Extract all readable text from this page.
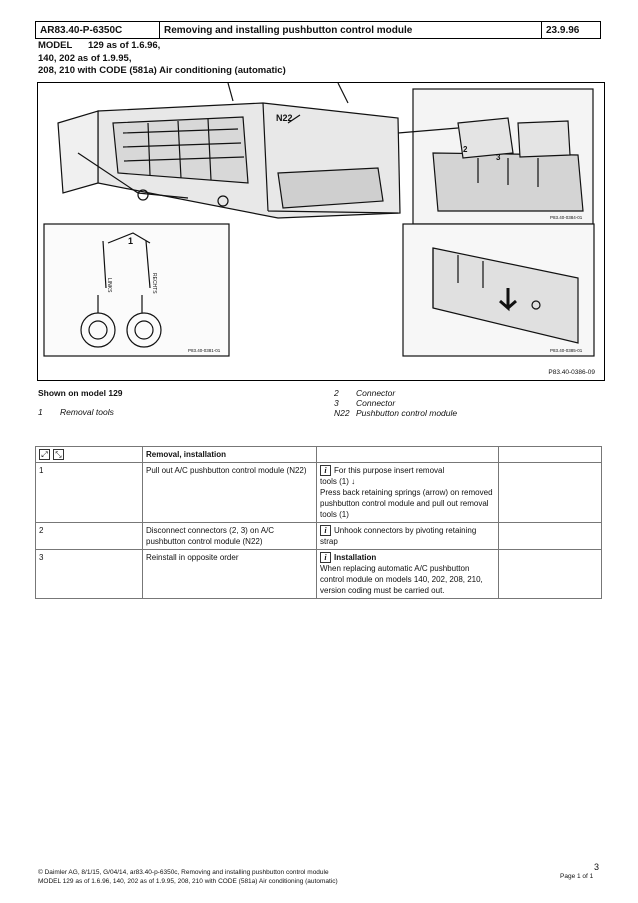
AR83.40-P-6350C	Removing and installing pushbutton control module	23.9.96
MODEL      129 as of 1.6.96,
140, 202 as of 1.9.95,
208, 210 with CODE (581a) Air conditioning (automatic)
N22
1
2
3
LINKS	RECHTS
P83.40-0381-01
P83.40-0384-01
P83.40-0385-01
P83.40-0386-09
Shown on model 129
1 Removal tools
2 Connector
3 Connector
N22 Pushbutton control module
⤢ ⤡	Removal, installation		
1	Pull out A/C pushbutton control module (N22)	i For this purpose insert removal
tools (1) ↓
Press back retaining springs (arrow) on removed pushbutton control module and pull out removal tools (1)	

2	Disconnect connectors (2, 3) on A/C pushbutton control module (N22)	i Unhook connectors by pivoting retaining
strap	

3	Reinstall in opposite order	i Installation
When replacing automatic A/C pushbutton control module on models 140, 202, 208, 210, version coding must be carried out.	

© Daimler AG, 8/1/15, G/04/14, ar83.40-p-6350c, Removing and installing pushbutton control module
MODEL 129 as of 1.6.96, 140, 202 as of 1.9.95, 208, 210 with CODE (581a) Air conditioning (automatic)
Page 1 of 1
3
